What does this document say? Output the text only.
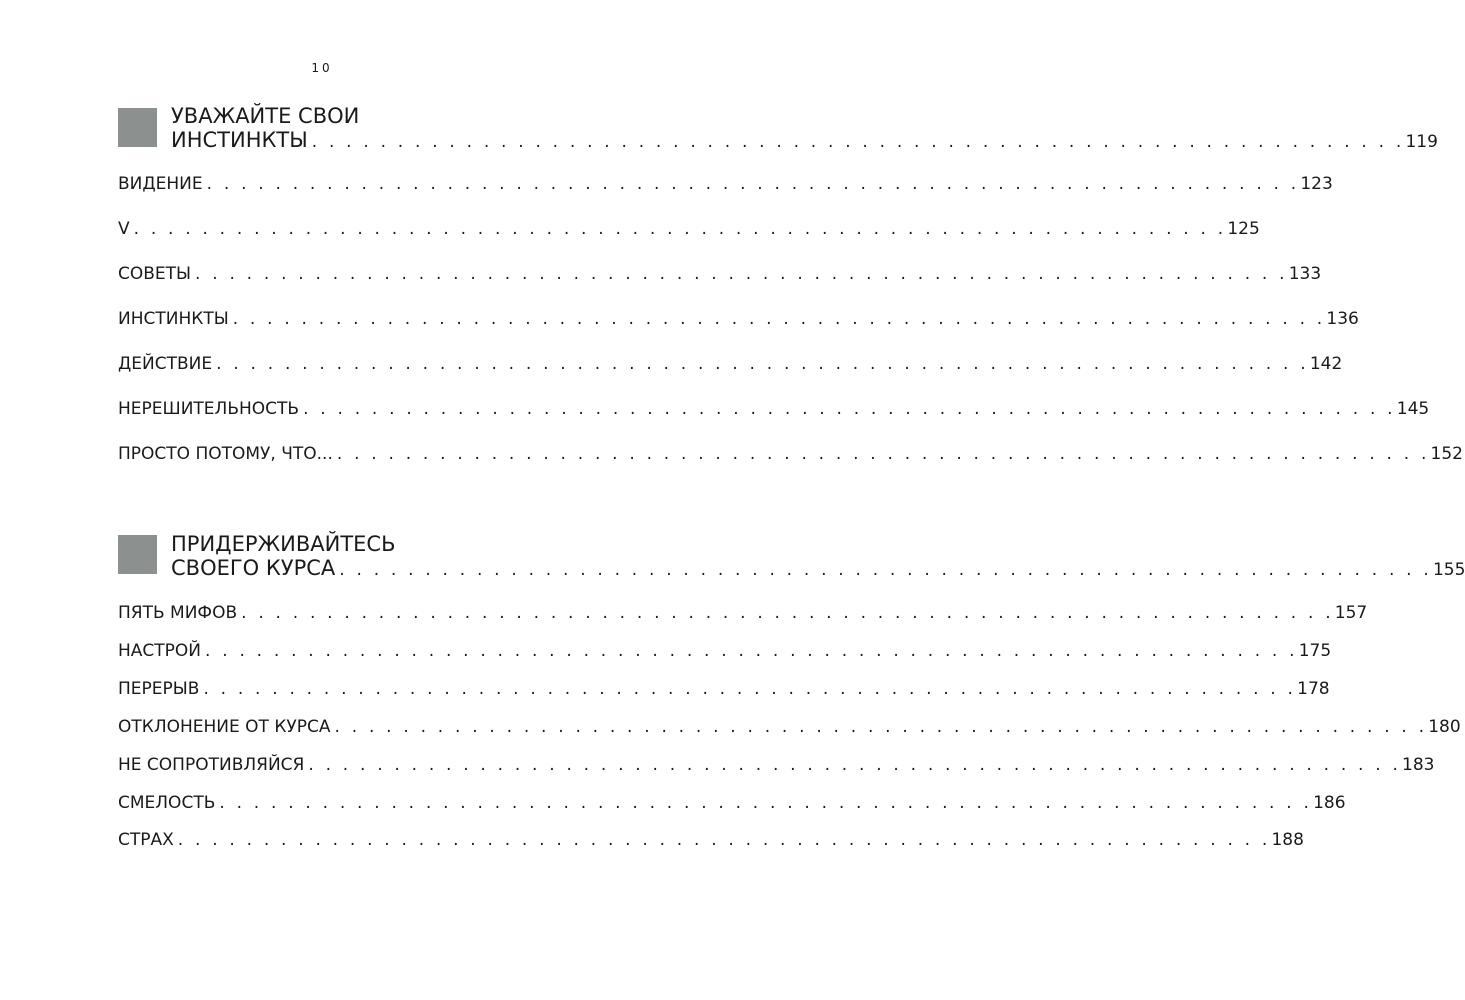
10
УВАЖАЙТЕ СВОИ
ИНСТИНКТЫ . . . . . . . . . . . . . . . . . . . . . . . . . . . . . . . . . . . . . . . . . . . . . . . . . . . . . . . . . . . . . . . . 119
ВИДЕНИЕ . . . . . . . . . . . . . . . . . . . . . . . . . . . . . . . . . . . . . . . . . . . . . . . . . . . . . . . . . . . . . . . . 123
V . . . . . . . . . . . . . . . . . . . . . . . . . . . . . . . . . . . . . . . . . . . . . . . . . . . . . . . . . . . . . . . . 125
СОВЕТЫ . . . . . . . . . . . . . . . . . . . . . . . . . . . . . . . . . . . . . . . . . . . . . . . . . . . . . . . . . . . . . . . . 133
ИНСТИНКТЫ . . . . . . . . . . . . . . . . . . . . . . . . . . . . . . . . . . . . . . . . . . . . . . . . . . . . . . . . . . . . . . . . 136
ДЕЙСТВИЕ . . . . . . . . . . . . . . . . . . . . . . . . . . . . . . . . . . . . . . . . . . . . . . . . . . . . . . . . . . . . . . . . 142
НЕРЕШИТЕЛЬНОСТЬ . . . . . . . . . . . . . . . . . . . . . . . . . . . . . . . . . . . . . . . . . . . . . . . . . . . . . . . . . . . . . . . . 145
ПРОСТО ПОТОМУ, ЧТО... . . . . . . . . . . . . . . . . . . . . . . . . . . . . . . . . . . . . . . . . . . . . . . . . . . . . . . . . . . . . . . . . 152
ПРИДЕРЖИВАЙТЕСЬ
СВОЕГО КУРСА . . . . . . . . . . . . . . . . . . . . . . . . . . . . . . . . . . . . . . . . . . . . . . . . . . . . . . . . . . . . . . . . 155
ПЯТЬ МИФОВ . . . . . . . . . . . . . . . . . . . . . . . . . . . . . . . . . . . . . . . . . . . . . . . . . . . . . . . . . . . . . . . . 157
НАСТРОЙ . . . . . . . . . . . . . . . . . . . . . . . . . . . . . . . . . . . . . . . . . . . . . . . . . . . . . . . . . . . . . . . . 175
ПЕРЕРЫВ . . . . . . . . . . . . . . . . . . . . . . . . . . . . . . . . . . . . . . . . . . . . . . . . . . . . . . . . . . . . . . . . 178
ОТКЛОНЕНИЕ ОТ КУРСА . . . . . . . . . . . . . . . . . . . . . . . . . . . . . . . . . . . . . . . . . . . . . . . . . . . . . . . . . . . . . . . . 180
НЕ СОПРОТИВЛЯЙСЯ . . . . . . . . . . . . . . . . . . . . . . . . . . . . . . . . . . . . . . . . . . . . . . . . . . . . . . . . . . . . . . . . 183
СМЕЛОСТЬ . . . . . . . . . . . . . . . . . . . . . . . . . . . . . . . . . . . . . . . . . . . . . . . . . . . . . . . . . . . . . . . . 186
СТРАХ . . . . . . . . . . . . . . . . . . . . . . . . . . . . . . . . . . . . . . . . . . . . . . . . . . . . . . . . . . . . . . . . 188
